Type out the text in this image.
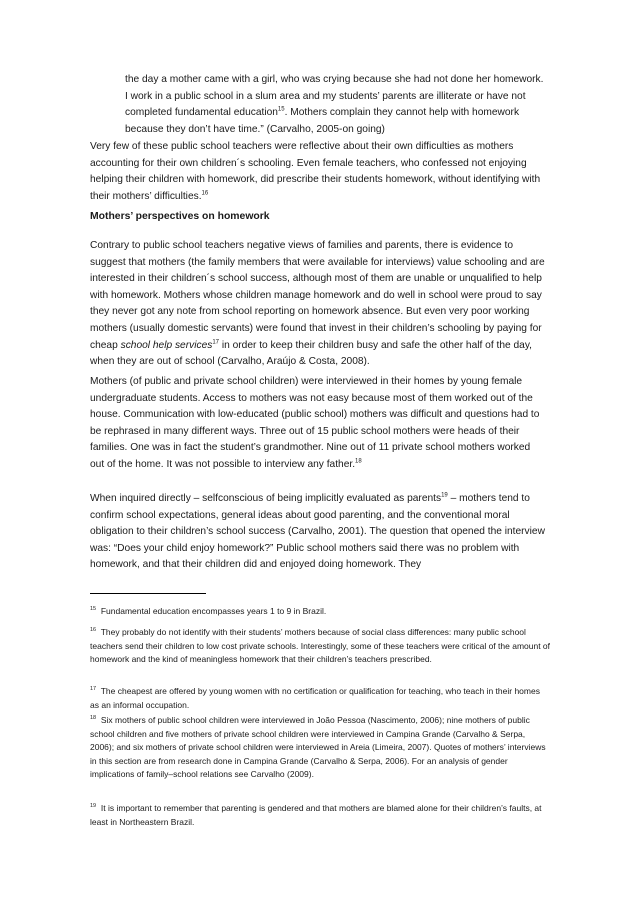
the day a mother came with a girl, who was crying because she had not done her homework. I work in a public school in a slum area and my students’ parents are illiterate or have not completed fundamental education$^{15}$. Mothers complain they cannot help with homework because they don’t have time.” (Carvalho, 2005-on going)

Very few of these public school teachers were reflective about their own difficulties as mothers accounting for their own children´s schooling. Even female teachers, who confessed not enjoying helping their children with homework, did prescribe their students homework, without identifying with their mothers’ difficulties.$^{16}$

Mothers’ perspectives on homework

Contrary to public school teachers negative views of families and parents, there is evidence to suggest that mothers (the family members that were available for interviews) value schooling and are interested in their children´s school success, although most of them are unable or unqualified to help with homework. Mothers whose children manage homework and do well in school were proud to say they never got any note from school reporting on homework absence. But even very poor working mothers (usually domestic servants) were found that invest in their children’s schooling by paying for cheap school help services$^{17}$ in order to keep their children busy and safe the other half of the day, when they are out of school (Carvalho, Araújo & Costa, 2008).

Mothers (of public and private school children) were interviewed in their homes by young female undergraduate students. Access to mothers was not easy because most of them worked out of the house. Communication with low-educated (public school) mothers was difficult and questions had to be rephrased in many different ways. Three out of 15 public school mothers were heads of their families. One was in fact the student’s grandmother. Nine out of 11 private school mothers worked out of the home. It was not possible to interview any father.$^{18}$

When inquired directly – selfconscious of being implicitly evaluated as parents$^{19}$ – mothers tend to confirm school expectations, general ideas about good parenting, and the conventional moral obligation to their children’s school success (Carvalho, 2001). The question that opened the interview was: “Does your child enjoy homework?” Public school mothers said there was no problem with homework, and that their children did and enjoyed doing homework. They

$^{15}$ Fundamental education encompasses years 1 to 9 in Brazil.

$^{16}$ They probably do not identify with their students’ mothers because of social class differences: many public school teachers send their children to low cost private schools. Interestingly, some of these teachers were critical of the amount of homework and the kind of meaningless homework that their children’s teachers prescribed.

$^{17}$ The cheapest are offered by young women with no certification or qualification for teaching, who teach in their homes as an informal occupation.

$^{18}$ Six mothers of public school children were interviewed in João Pessoa (Nascimento, 2006); nine mothers of public school children and five mothers of private school children were interviewed in Campina Grande (Carvalho & Serpa, 2006); and six mothers of private school children were interviewed in Areia (Limeira, 2007). Quotes of mothers’ interviews in this section are from research done in Campina Grande (Carvalho & Serpa, 2006). For an analysis of gender implications of family–school relations see Carvalho (2009).

$^{19}$ It is important to remember that parenting is gendered and that mothers are blamed alone for their children’s faults, at least in Northeastern Brazil.
